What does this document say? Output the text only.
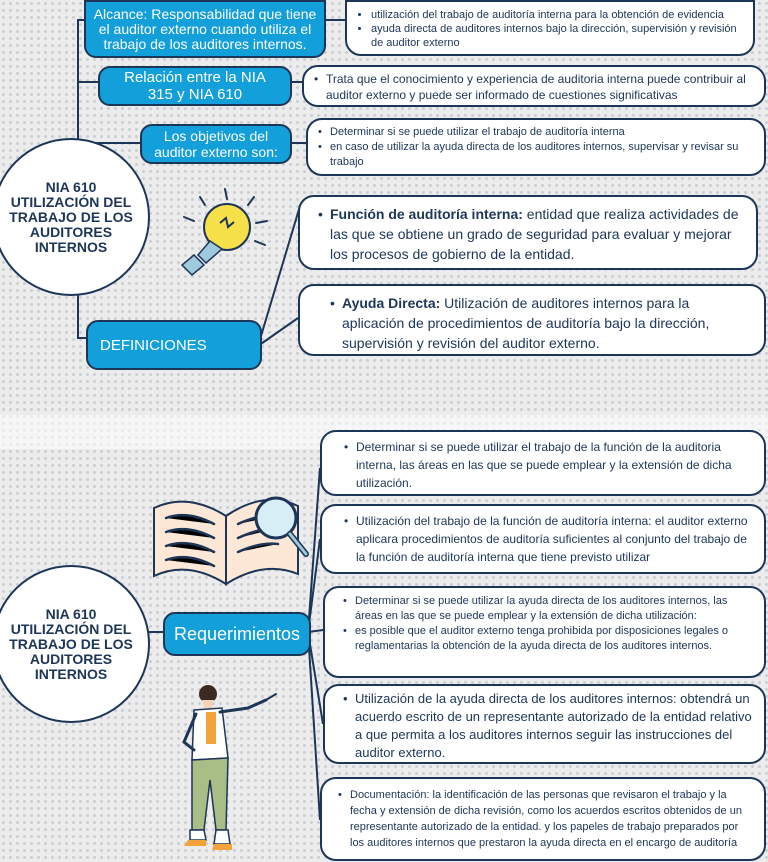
NIA 610
UTILIZACIÓN DEL
TRABAJO DE LOS
AUDITORES
INTERNOS
NIA 610
UTILIZACIÓN DEL
TRABAJO DE LOS
AUDITORES
INTERNOS
Alcance: Responsabilidad que tiene el auditor externo cuando utiliza el trabajo de los auditores internos.
• utilización del trabajo de auditoría interna para la obtención de evidencia
• ayuda directa de auditores internos bajo la dirección, supervisión y revisión de auditor externo
Relación entre la NIA 315 y NIA 610

• Trata que el conocimiento y experiencia de auditoria interna puede contribuir al auditor externo y puede ser informado de cuestiones significativas

Los objetivos del auditor externo son:

• Determinar si se puede utilizar el trabajo de auditoría interna

• en caso de utilizar la ayuda directa de los auditores internos, supervisar y revisar su trabajo

• Función de auditoría interna: entidad que realiza actividades de las que se obtiene un grado de seguridad para evaluar y mejorar los procesos de gobierno de la entidad.

• Ayuda Directa: Utilización de auditores internos para la aplicación de procedimientos de auditoría bajo la dirección, supervisión y revisión del auditor externo.

DEFINICIONES
Requerimientos

• Determinar si se puede utilizar el trabajo de la función de la auditoria interna, las áreas en las que se puede emplear y la extensión de dicha utilización.

• Utilización del trabajo de la función de auditoría interna: el auditor externo aplicara procedimientos de auditoría suficientes al conjunto del trabajo de la función de auditoría interna que tiene previsto utilizar

• Determinar si se puede utilizar la ayuda directa de los auditores internos, las áreas en las que se puede emplear y la extensión de dicha utilización:

• es posible que el auditor externo tenga prohibida por disposiciones legales o reglamentarias la obtención de la ayuda directa de los auditores internos.

• Utilización de la ayuda directa de los auditores internos: obtendrá un acuerdo escrito de un representante autorizado de la entidad relativo a que permita a los auditores internos seguir las instrucciones del auditor externo.

• Documentación: la identificación de las personas que revisaron el trabajo y la fecha y extensión de dicha revisión, como los acuerdos escritos obtenidos de un representante autorizado de la entidad. y los papeles de trabajo preparados por los auditores internos que prestaron la ayuda directa en el encargo de auditoría
